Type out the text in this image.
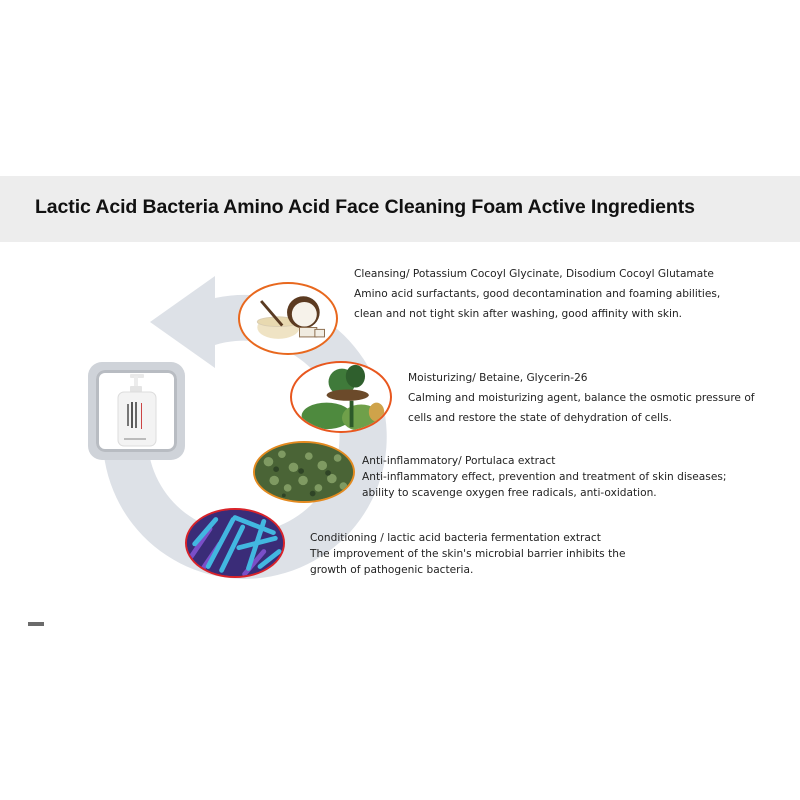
Lactic Acid Bacteria Amino Acid Face Cleaning Foam Active Ingredients
Cleansing/ Potassium Cocoyl Glycinate, Disodium Cocoyl Glutamate
Amino acid surfactants, good decontamination and foaming abilities,
clean and not tight skin after washing, good affinity with skin.
Moisturizing/ Betaine, Glycerin-26
Calming and moisturizing agent, balance the osmotic pressure of
cells and restore the state of dehydration of cells.
Anti-inflammatory/ Portulaca extract
Anti-inflammatory effect, prevention and treatment of skin diseases;
ability to scavenge oxygen free radicals, anti-oxidation.
Conditioning / lactic acid bacteria fermentation extract
The improvement of the skin's microbial barrier inhibits the
growth of pathogenic bacteria.
